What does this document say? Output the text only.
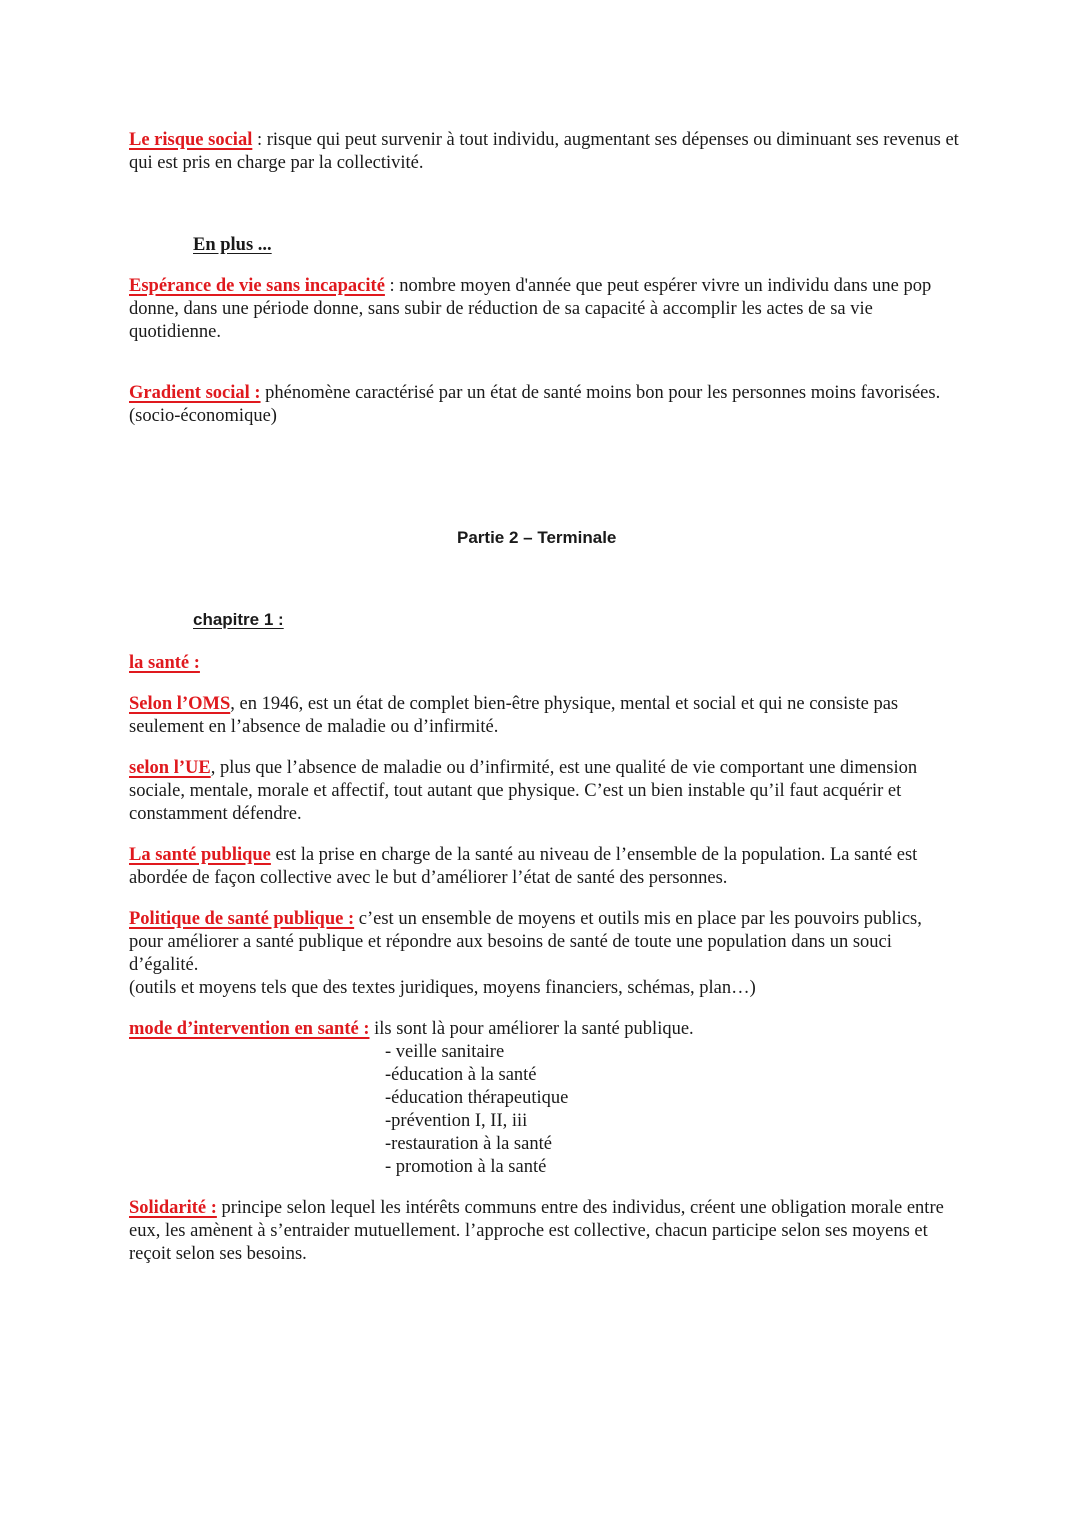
Le risque social : risque qui peut survenir à tout individu, augmentant ses dépenses ou diminuant ses revenus et qui est pris en charge par la collectivité.

En plus ...

Espérance de vie sans incapacité : nombre moyen d'année que peut espérer vivre un individu dans une pop donne, dans une période donne, sans subir de réduction de sa capacité à accomplir les actes de sa vie quotidienne.

Gradient social : phénomène caractérisé par un état de santé moins bon pour les personnes moins favorisées. (socio-économique)

Partie 2 – Terminale
chapitre 1 :
la santé :

Selon l’OMS, en 1946, est un état de complet bien-être physique, mental et social et qui ne consiste pas seulement en l’absence de maladie ou d’infirmité.

selon l’UE, plus que l’absence de maladie ou d’infirmité, est une qualité de vie comportant une dimension sociale, mentale, morale et affectif, tout autant que physique. C’est un bien instable qu’il faut acquérir et constamment défendre.

La santé publique est la prise en charge de la santé au niveau de l’ensemble de la population. La santé est abordée de façon collective avec le but d’améliorer l’état de santé des personnes.

Politique de santé publique : c’est un ensemble de moyens et outils mis en place par les pouvoirs publics, pour améliorer a santé publique et répondre aux besoins de santé de toute une population dans un souci d’égalité.
(outils et moyens tels que des textes juridiques, moyens financiers, schémas, plan…)

mode d’intervention en santé : ils sont là pour améliorer la santé publique.

- veille sanitaire
-éducation à la santé
-éducation thérapeutique
-prévention I, II, iii
-restauration à la santé
- promotion à la santé

Solidarité : principe selon lequel les intérêts communs entre des individus, créent une obligation morale entre eux, les amènent à s’entraider mutuellement. l’approche est collective, chacun participe selon ses moyens et reçoit selon ses besoins.
